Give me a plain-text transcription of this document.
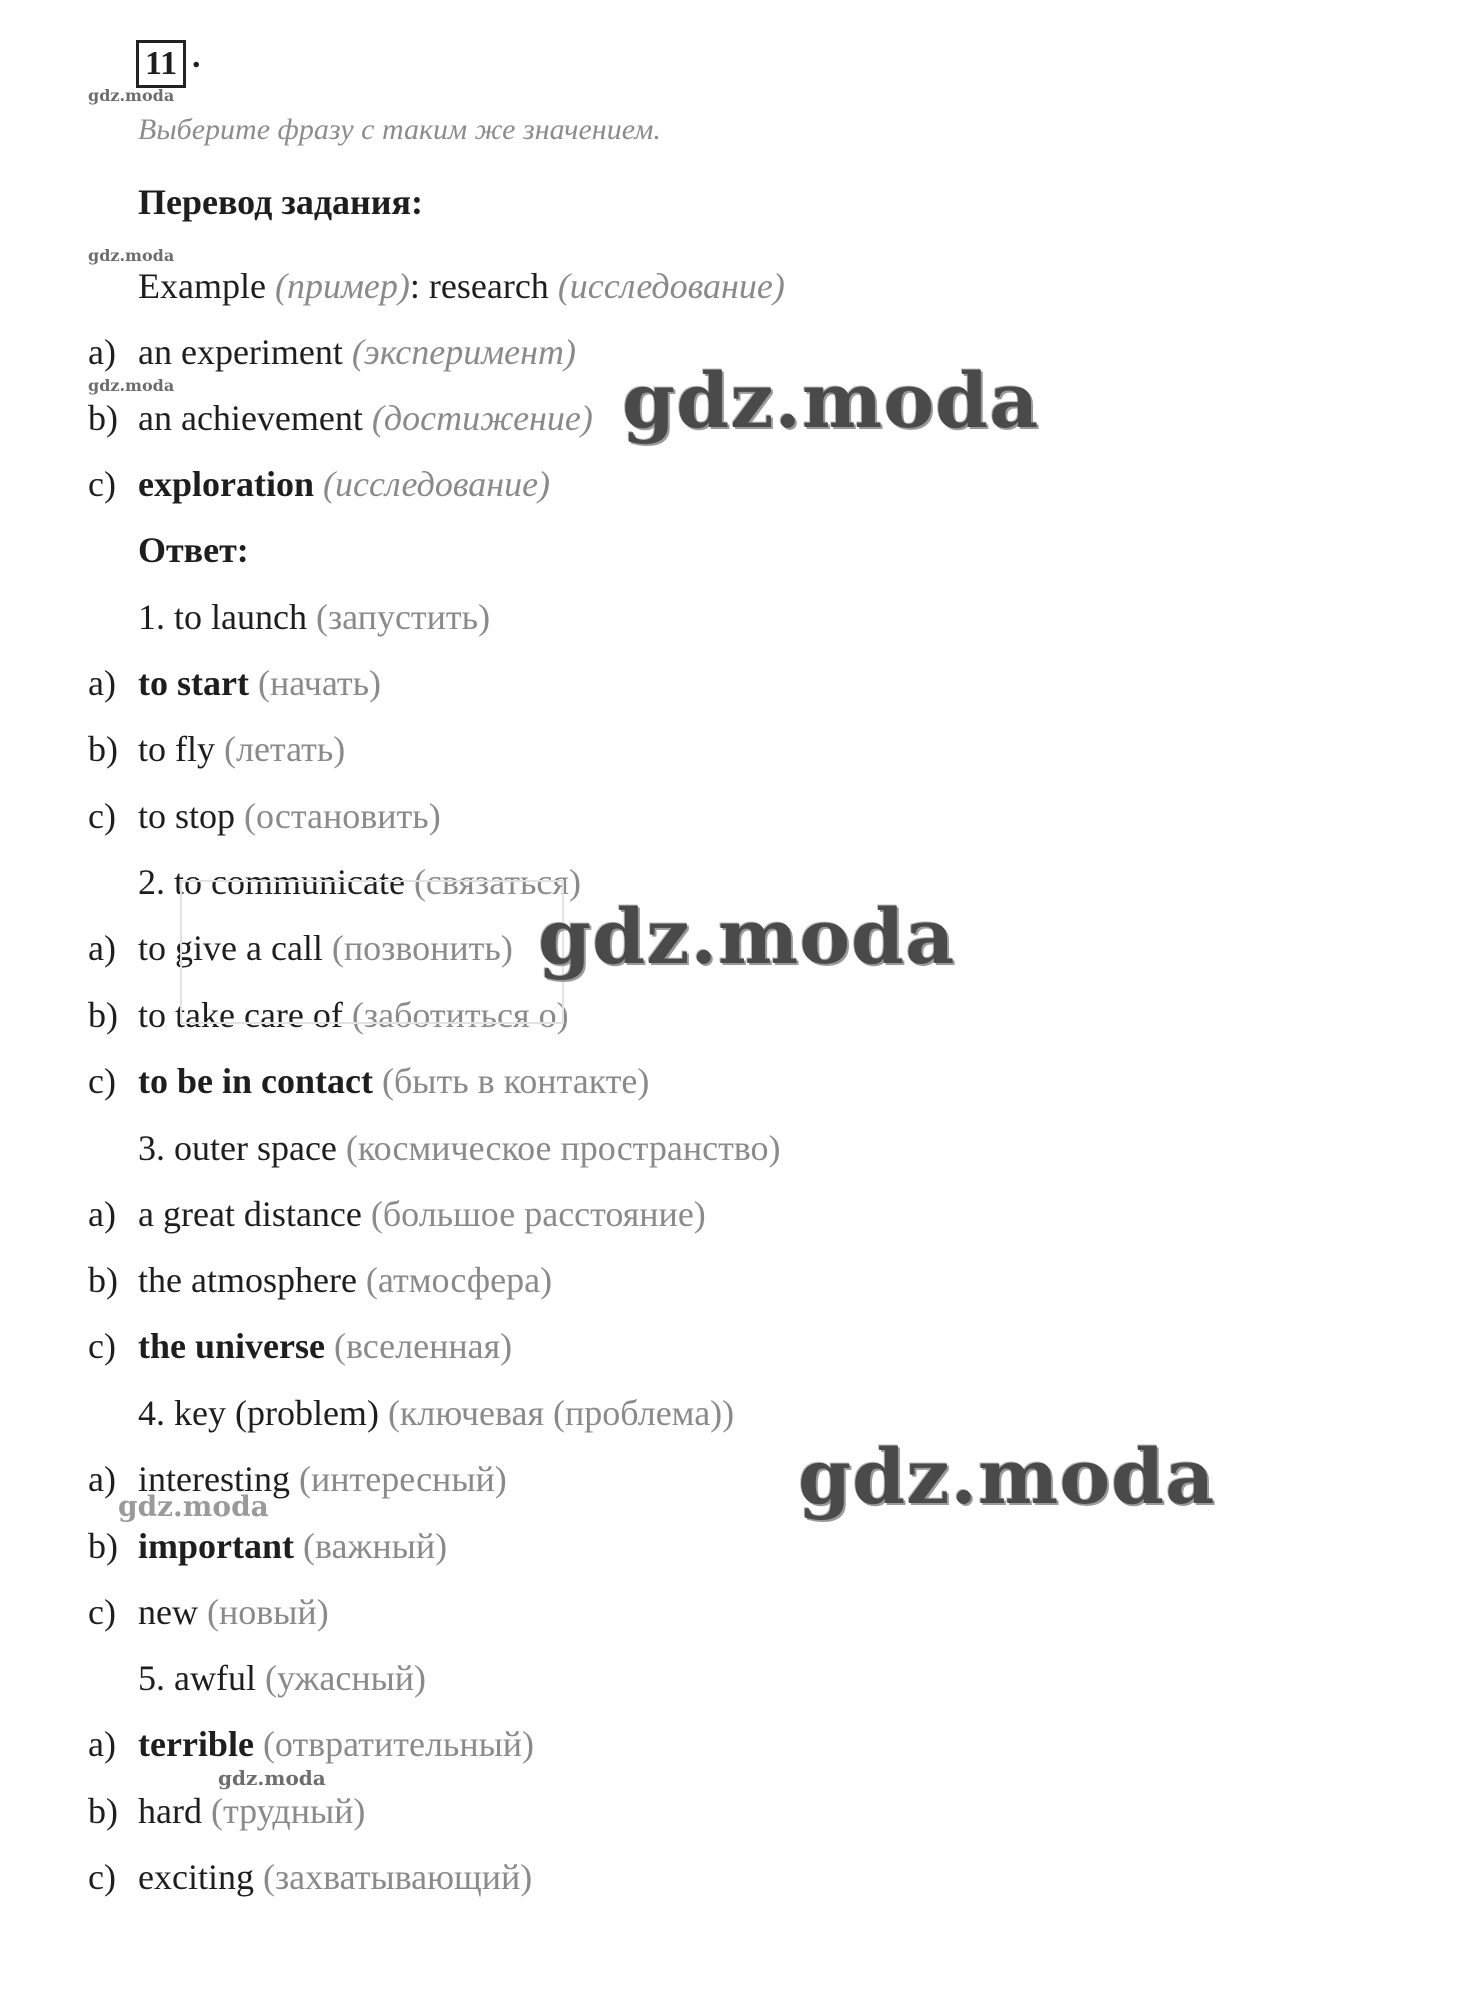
11 .
gdz.moda
Выберите фразу с таким же значением.
Перевод задания:
gdz.moda
Example (пример): research (исследование)
a) an experiment (эксперимент)
gdz.moda
b) an achievement (достижение)
c) exploration (исследование)
Ответ:
1. to launch (запустить)
a) to start (начать)
b) to fly (летать)
c) to stop (остановить)
2. to communicate (связаться)
a) to give a call (позвонить)
b) to take care of (заботиться о)
c) to be in contact (быть в контакте)
3. outer space (космическое пространство)
a) a great distance (большое расстояние)
b) the atmosphere (атмосфера)
c) the universe (вселенная)
4. key (problem) (ключевая (проблема))
a) interesting (интересный)
gdz.moda
b) important (важный)
c) new (новый)
5. awful (ужасный)
a) terrible (отвратительный)
gdz.moda
b) hard (трудный)
c) exciting (захватывающий)
gdz.moda
gdz.moda
gdz.moda
